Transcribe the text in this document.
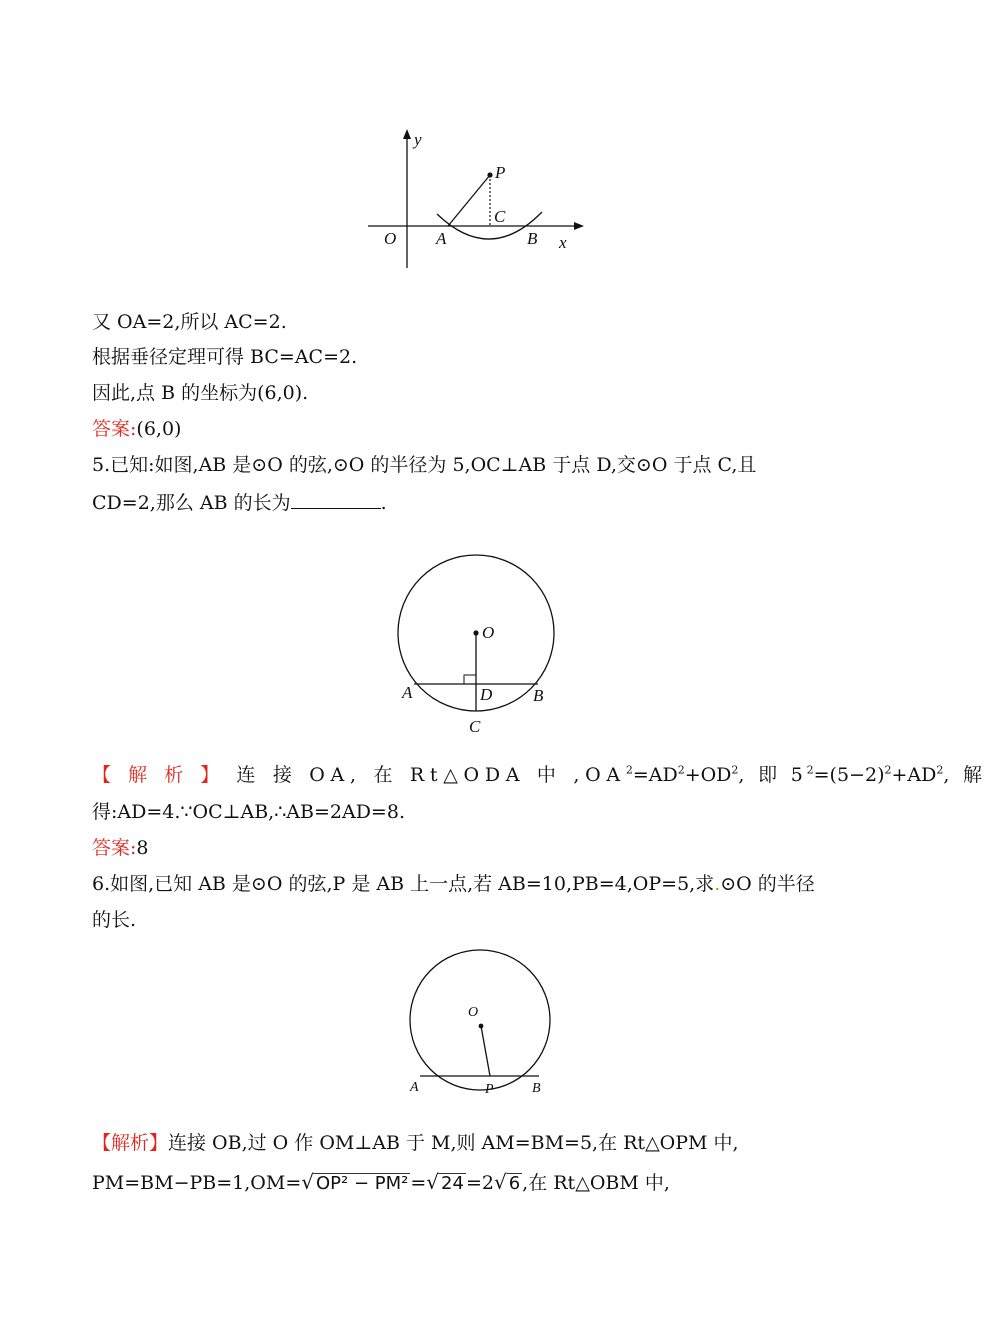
y
P
C
O A	B x
又 OA=2,所以 AC=2.
根据垂径定理可得 BC=AC=2.
因此,点 B 的坐标为(6,0).
答案:(6,0)
5.已知:如图,AB 是⊙O 的弦,⊙O 的半径为 5,OC⊥AB 于点 D,交⊙O 于点 C,且
CD=2,那么 AB 的长为	.
O
A	D B
C
【解析】连 接 OA, 在 Rt△ODA 中 $,OA^2=AD^2+OD^2$, 即 $5^2=(5-2)^2+AD^2$, 解
得:AD=4.∵OC⊥AB,∴AB=2AD=8.
答案:8
6.如图,已知 AB 是⊙O 的弦,P 是 AB 上一点,若 AB=10,PB=4,OP=5,求.⊙O 的半径
的长.
O
A	P	B
【解析】连接 OB,过 O 作 OM⊥AB 于 M,则 AM=BM=5,在 Rt△OPM 中,
PM=BM−PB=1,OM=√ OP² − PM² =√ 24 =2√ 6 ,在 Rt△OBM 中,
